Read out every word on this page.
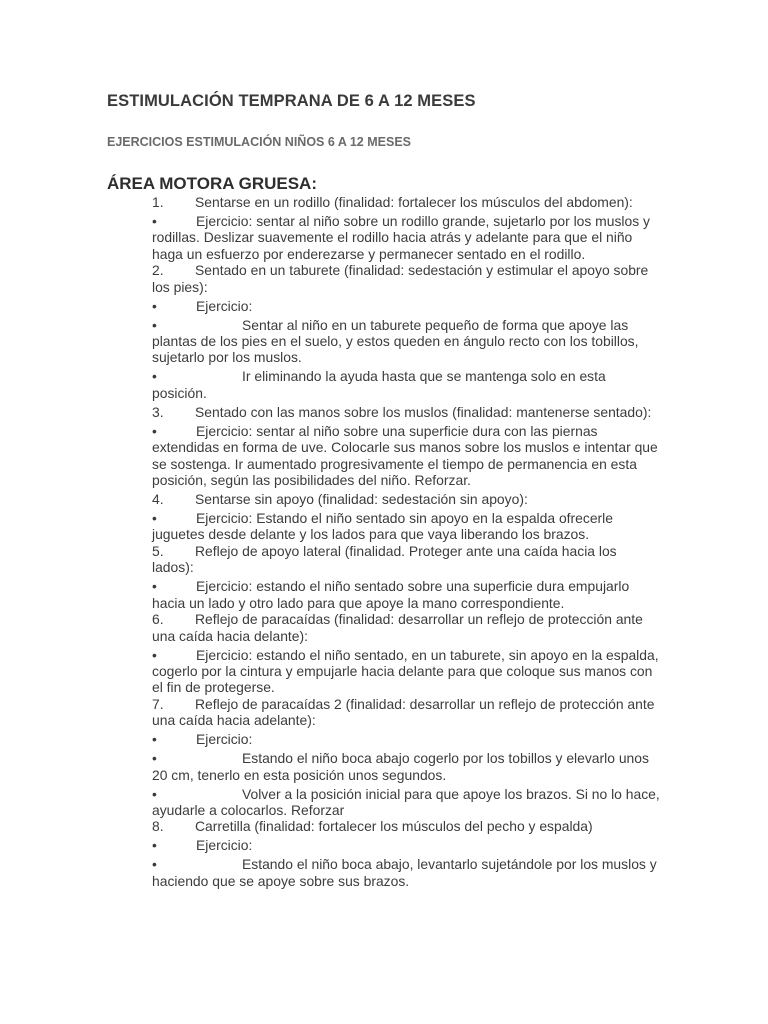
ESTIMULACIÓN TEMPRANA DE 6 A 12 MESES
EJERCICIOS ESTIMULACIÓN NIÑOS 6 A 12 MESES
ÁREA MOTORA GRUESA:

1. Sentarse en un rodillo (finalidad: fortalecer los músculos del abdomen):

•	Ejercicio: sentar al niño sobre un rodillo grande, sujetarlo por los muslos y rodillas. Deslizar suavemente el rodillo hacia atrás y adelante para que el niño haga un esfuerzo por enderezarse y permanecer sentado en el rodillo.

2. Sentado en un taburete (finalidad: sedestación y estimular el apoyo sobre los pies):

•	Ejercicio:

•	Sentar al niño en un taburete pequeño de forma que apoye las plantas de los pies en el suelo, y estos queden en ángulo recto con los tobillos, sujetarlo por los muslos.

•	Ir eliminando la ayuda hasta que se mantenga solo en esta posición.

3. Sentado con las manos sobre los muslos (finalidad: mantenerse sentado):

•	Ejercicio: sentar al niño sobre una superficie dura con las piernas extendidas en forma de uve. Colocarle sus manos sobre los muslos e intentar que se sostenga. Ir aumentado progresivamente el tiempo de permanencia en esta posición, según las posibilidades del niño. Reforzar.

4. Sentarse sin apoyo (finalidad: sedestación sin apoyo):

•	Ejercicio: Estando el niño sentado sin apoyo en la espalda ofrecerle juguetes desde delante y los lados para que vaya liberando los brazos.

5. Reflejo de apoyo lateral (finalidad. Proteger ante una caída hacia los lados):

•	Ejercicio: estando el niño sentado sobre una superficie dura empujarlo hacia un lado y otro lado para que apoye la mano correspondiente.

6. Reflejo de paracaídas (finalidad: desarrollar un reflejo de protección ante una caída hacia delante):

•	Ejercicio: estando el niño sentado, en un taburete, sin apoyo en la espalda, cogerlo por la cintura y empujarle hacia delante para que coloque sus manos con el fin de protegerse.

7. Reflejo de paracaídas 2 (finalidad: desarrollar un reflejo de protección ante una caída hacia adelante):

•	Ejercicio:

•	Estando el niño boca abajo cogerlo por los tobillos y elevarlo unos 20 cm, tenerlo en esta posición unos segundos.

•	Volver a la posición inicial para que apoye los brazos. Si no lo hace, ayudarle a colocarlos. Reforzar

8. Carretilla (finalidad: fortalecer los músculos del pecho y espalda)

•	Ejercicio:

•	Estando el niño boca abajo, levantarlo sujetándole por los muslos y haciendo que se apoye sobre sus brazos.
